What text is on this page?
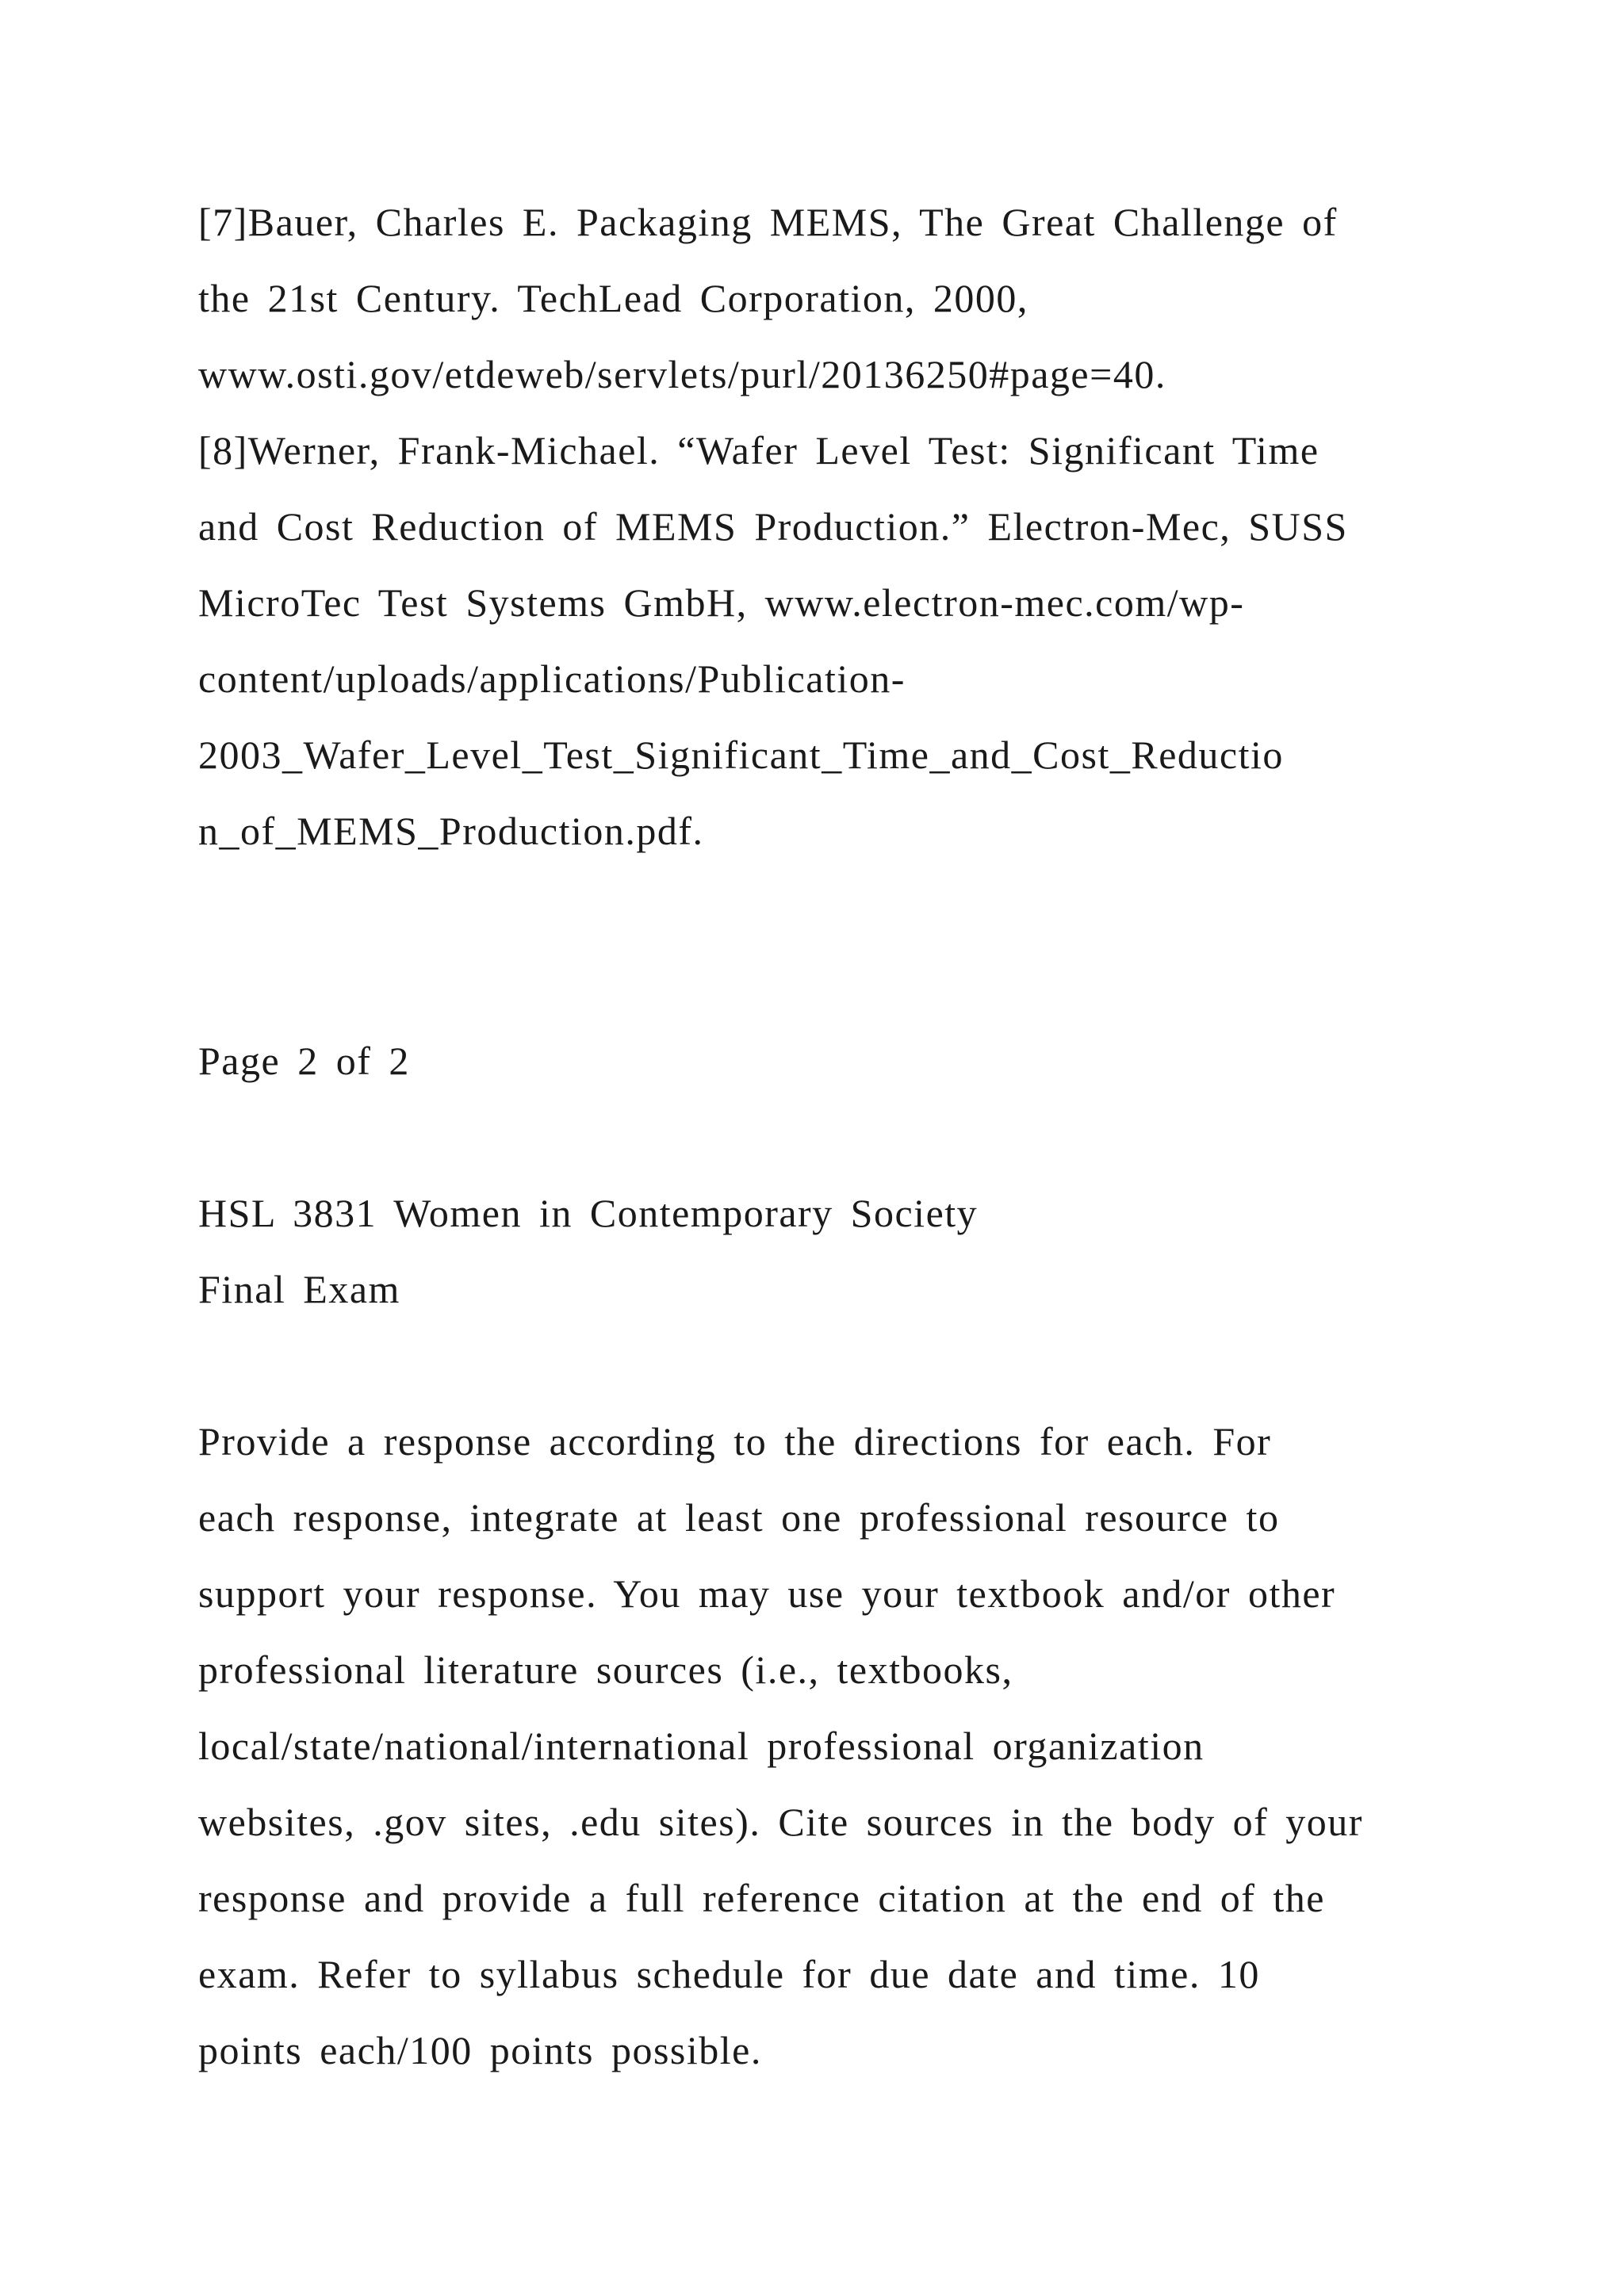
[7]Bauer, Charles E. Packaging MEMS, The Great Challenge of
the 21st Century. TechLead Corporation, 2000,
www.osti.gov/etdeweb/servlets/purl/20136250#page=40.
[8]Werner, Frank-Michael. “Wafer Level Test: Significant Time
and Cost Reduction of MEMS Production.” Electron-Mec, SUSS
MicroTec Test Systems GmbH, www.electron-mec.com/wp-
content/uploads/applications/Publication-
2003_Wafer_Level_Test_Significant_Time_and_Cost_Reductio
n_of_MEMS_Production.pdf.
Page 2 of 2
HSL 3831 Women in Contemporary Society
Final Exam
Provide a response according to the directions for each. For
each response, integrate at least one professional resource to
support your response. You may use your textbook and/or other
professional literature sources (i.e., textbooks,
local/state/national/international professional organization
websites, .gov sites, .edu sites). Cite sources in the body of your
response and provide a full reference citation at the end of the
exam. Refer to syllabus schedule for due date and time. 10
points each/100 points possible.
